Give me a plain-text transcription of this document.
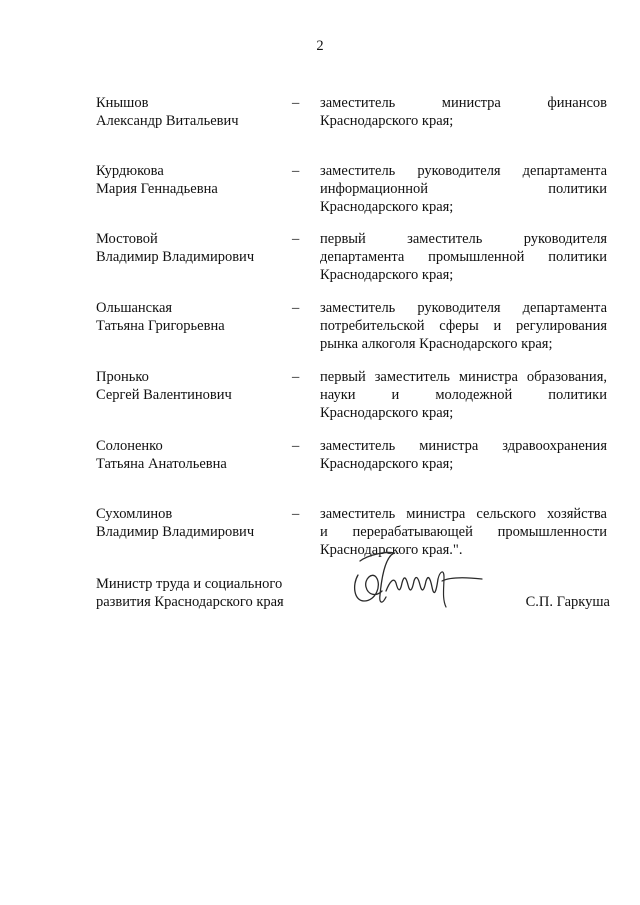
2
Кнышов
Александр Витальевич
– заместитель министра финансов
Краснодарского края;
Курдюкова
Мария Геннадьевна
– заместитель руководителя департамента
информационной политики
Краснодарского края;
Мостовой
Владимир Владимирович
– первый заместитель руководителя
департамента промышленной политики
Краснодарского края;
Ольшанская
Татьяна Григорьевна
– заместитель руководителя департамента
потребительской сферы и регулирования
рынка алкоголя Краснодарского края;
Пронько
Сергей Валентинович
– первый заместитель министра образования,
науки и молодежной политики
Краснодарского края;
Солоненко
Татьяна Анатольевна
– заместитель министра здравоохранения
Краснодарского края;
Сухомлинов
Владимир Владимирович
– заместитель министра сельского хозяйства
и перерабатывающей промышленности
Краснодарского края.".
Министр труда и социального
развития Краснодарского края	С.П. Гаркуша
